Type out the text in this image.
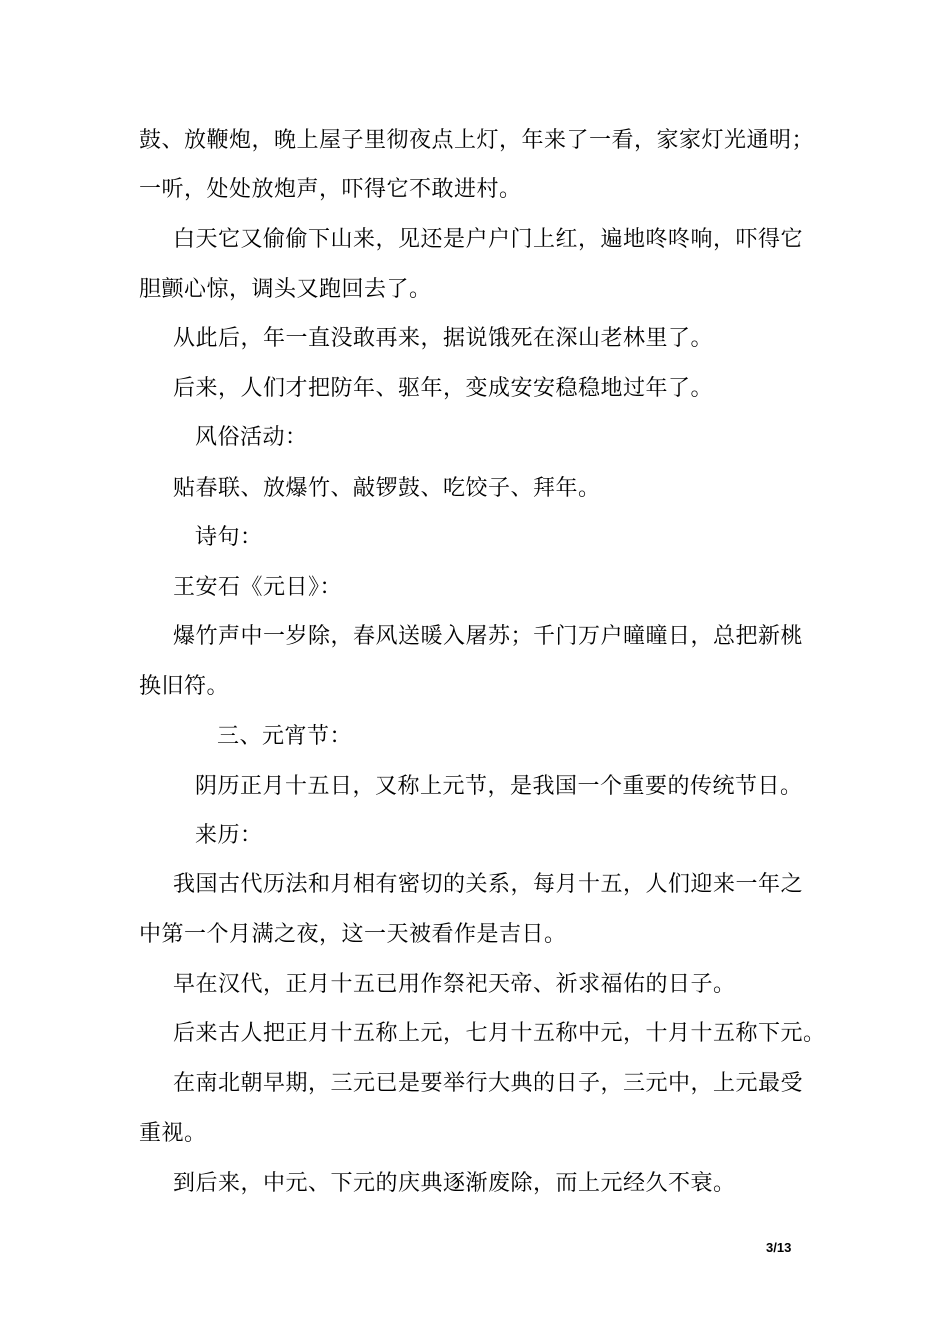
鼓、放鞭炮，晚上屋子里彻夜点上灯，年来了一看，家家灯光通明；
一听，处处放炮声，吓得它不敢进村。
白天它又偷偷下山来，见还是户户门上红，遍地咚咚响，吓得它
胆颤心惊，调头又跑回去了。
从此后，年一直没敢再来，据说饿死在深山老林里了。
后来，人们才把防年、驱年，变成安安稳稳地过年了。
风俗活动：
贴春联、放爆竹、敲锣鼓、吃饺子、拜年。
诗句：
王安石《元日》：
爆竹声中一岁除，春风送暖入屠苏；千门万户曈曈日，总把新桃
换旧符。
三、元宵节：
阴历正月十五日，又称上元节，是我国一个重要的传统节日。
来历：
我国古代历法和月相有密切的关系，每月十五，人们迎来一年之
中第一个月满之夜，这一天被看作是吉日。
早在汉代，正月十五已用作祭祀天帝、祈求福佑的日子。
后来古人把正月十五称上元，七月十五称中元，十月十五称下元。
在南北朝早期，三元已是要举行大典的日子，三元中，上元最受
重视。
到后来，中元、下元的庆典逐渐废除，而上元经久不衰。
3/13
